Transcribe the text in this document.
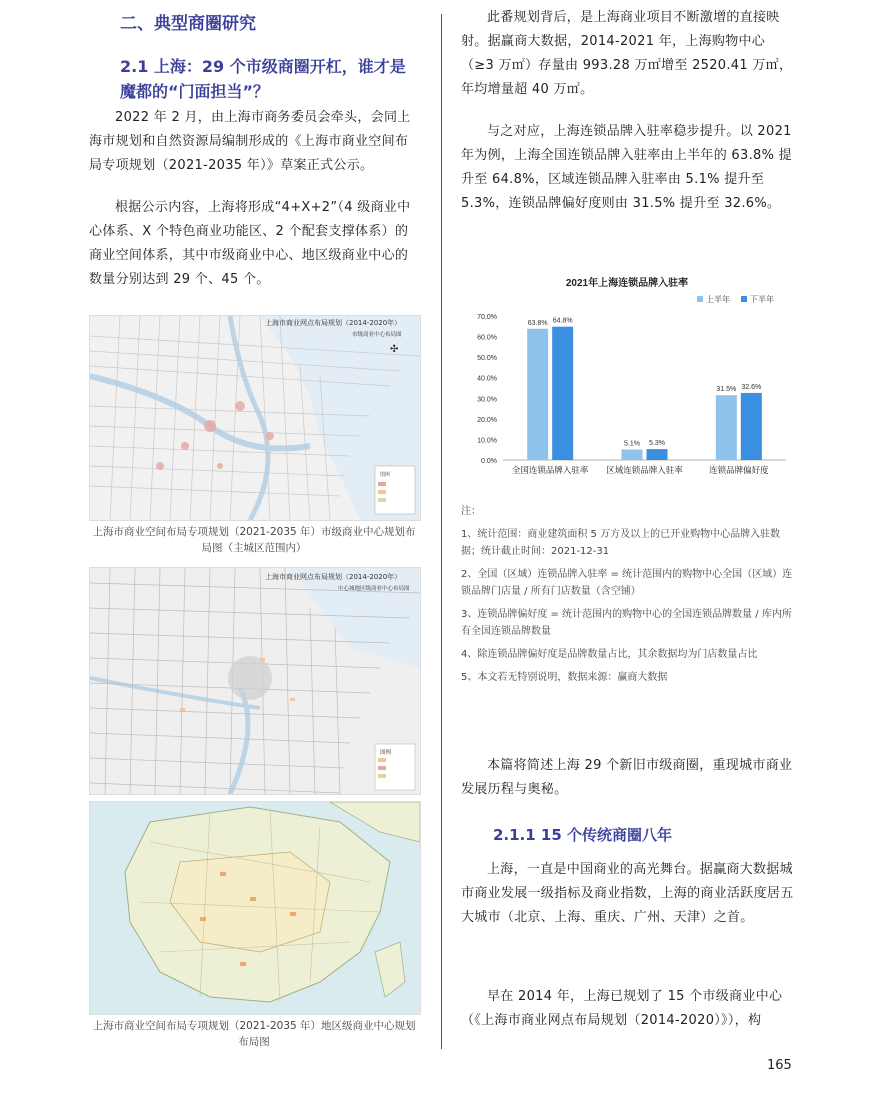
二、典型商圈研究
2.1 上海：29 个市级商圈开杠，谁才是魔都的“门面担当”？
2022 年 2 月，由上海市商务委员会牵头，会同上海市规划和自然资源局编制形成的《上海市商业空间布局专项规划（2021-2035 年）》草案正式公示。
根据公示内容，上海将形成“4+X+2”（4 级商业中心体系、X 个特色商业功能区、2 个配套支撑体系）的商业空间体系，其中市级商业中心、地区级商业中心的数量分别达到 29 个、45 个。
图例
上海市商业网点布局规划（2014-2020年）
市级商业中心布局图
✣
上海市商业空间布局专项规划（2021-2035 年）市级商业中心规划布局图（主城区范围内）
上海市商业网点布局规划（2014-2020年）
中心城地区级商业中心布局图
图例
上海市商业空间布局专项规划（2021-2035 年）地区级商业中心规划布局图
此番规划背后，是上海商业项目不断激增的直接映射。据赢商大数据，2014-2021 年，上海购物中心（≥3 万㎡）存量由 993.28 万㎡增至 2520.41 万㎡，年均增量超 40 万㎡。
与之对应，上海连锁品牌入驻率稳步提升。以 2021 年为例，上海全国连锁品牌入驻率由上半年的 63.8% 提升至 64.8%，区域连锁品牌入驻率由 5.1% 提升至 5.3%，连锁品牌偏好度则由 31.5% 提升至 32.6%。
2021年上海连锁品牌入驻率
上半年	下半年
0.0%
10.0%
20.0%
30.0%
40.0%
50.0%
60.0%
70.0%
63.8% 64.8%
5.1% 5.3%
31.5% 32.6%
全国连锁品牌入驻率 区域连锁品牌入驻率	连锁品牌偏好度
注：
1、统计范围：商业建筑面积 5 万方及以上的已开业购物中心品牌入驻数据；统计截止时间：2021-12-31
2、全国（区域）连锁品牌入驻率 = 统计范围内的购物中心全国（区域）连锁品牌门店量 / 所有门店数量（含空铺）
3、连锁品牌偏好度 = 统计范围内的购物中心的全国连锁品牌数量 / 库内所有全国连锁品牌数量
4、除连锁品牌偏好度是品牌数量占比，其余数据均为门店数量占比
5、本文若无特别说明，数据来源：赢商大数据
本篇将简述上海 29 个新旧市级商圈，重现城市商业发展历程与奥秘。
2.1.1 15 个传统商圈八年
上海，一直是中国商业的高光舞台。据赢商大数据城市商业发展一级指标及商业指数，上海的商业活跃度居五大城市（北京、上海、重庆、广州、天津）之首。
早在 2014 年，上海已规划了 15 个市级商业中心（《上海市商业网点布局规划（2014-2020）》），构
165
